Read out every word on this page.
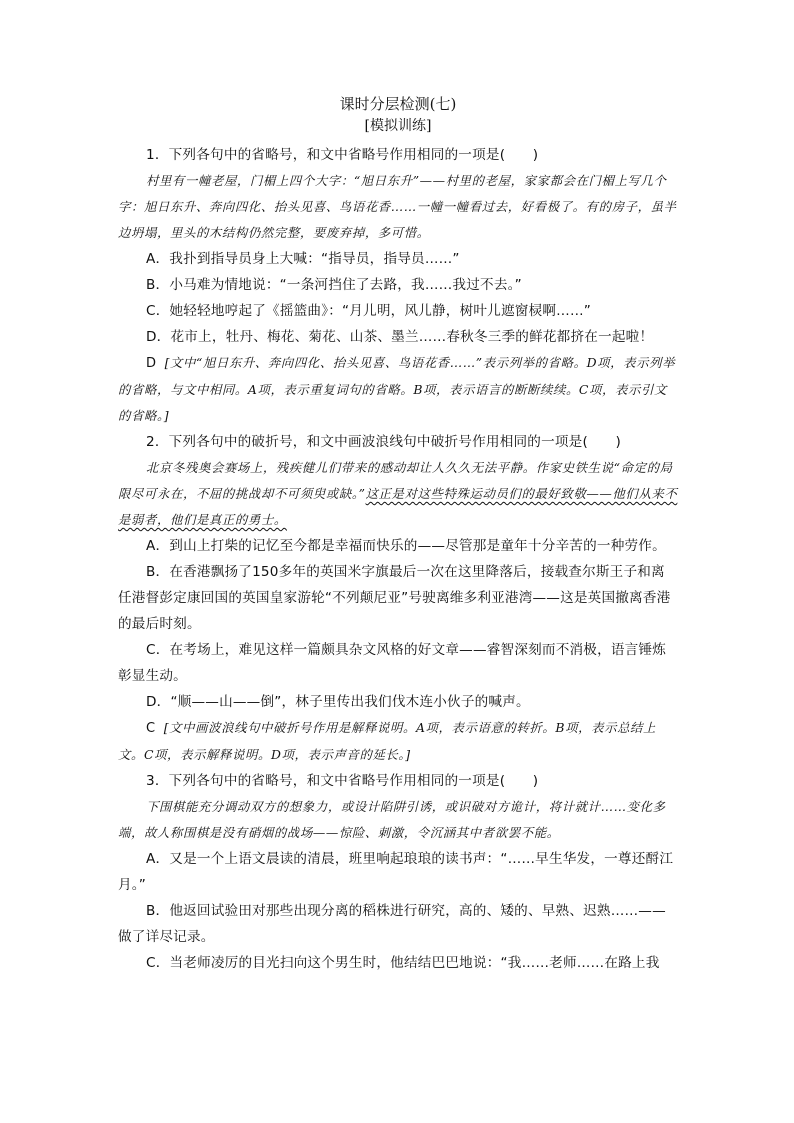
课时分层检测(七)

[模拟训练]

1．下列各句中的省略号，和文中省略号作用相同的一项是(　　)

村里有一幢老屋，门楣上四个大字：“旭日东升”——村里的老屋，家家都会在门楣上写几个字：旭日东升、奔向四化、抬头见喜、鸟语花香……一幢一幢看过去，好看极了。有的房子，虽半边坍塌，里头的木结构仍然完整，要废弃掉，多可惜。

A．我扑到指导员身上大喊：“指导员，指导员……”

B．小马难为情地说：“一条河挡住了去路，我……我过不去。”

C．她轻轻地哼起了《摇篮曲》：“月儿明，风儿静，树叶儿遮窗棂啊……”

D．花市上，牡丹、梅花、菊花、山茶、墨兰……春秋冬三季的鲜花都挤在一起啦！

D [文中“旭日东升、奔向四化、抬头见喜、鸟语花香……”表示列举的省略。D项，表示列举的省略，与文中相同。A项，表示重复词句的省略。B项，表示语言的断断续续。C项，表示引文的省略。]

2．下列各句中的破折号，和文中画波浪线句中破折号作用相同的一项是(　　)

北京冬残奥会赛场上，残疾健儿们带来的感动却让人久久无法平静。作家史铁生说“命定的局限尽可永在，不屈的挑战却不可须臾或缺。”这正是对这些特殊运动员们的最好致敬——他们从来不是弱者，他们是真正的勇士。

A．到山上打柴的记忆至今都是幸福而快乐的——尽管那是童年十分辛苦的一种劳作。

B．在香港飘扬了150多年的英国米字旗最后一次在这里降落后，接载查尔斯王子和离任港督彭定康回国的英国皇家游轮“不列颠尼亚”号驶离维多利亚港湾——这是英国撤离香港的最后时刻。

C．在考场上，难见这样一篇颇具杂文风格的好文章——睿智深刻而不消极，语言锤炼彰显生动。

D．“顺——山——倒”，林子里传出我们伐木连小伙子的喊声。

C [文中画波浪线句中破折号作用是解释说明。A项，表示语意的转折。B项，表示总结上文。C项，表示解释说明。D项，表示声音的延长。]

3．下列各句中的省略号，和文中省略号作用相同的一项是(　　)

下围棋能充分调动双方的想象力，或设计陷阱引诱，或识破对方诡计，将计就计……变化多端，故人称围棋是没有硝烟的战场——惊险、刺激，令沉涵其中者欲罢不能。

A．又是一个上语文晨读的清晨，班里响起琅琅的读书声：“……早生华发，一尊还酹江月。”

B．他返回试验田对那些出现分离的稻株进行研究，高的、矮的、早熟、迟熟……——做了详尽记录。

C．当老师凌厉的目光扫向这个男生时，他结结巴巴地说：“我……老师……在路上我
